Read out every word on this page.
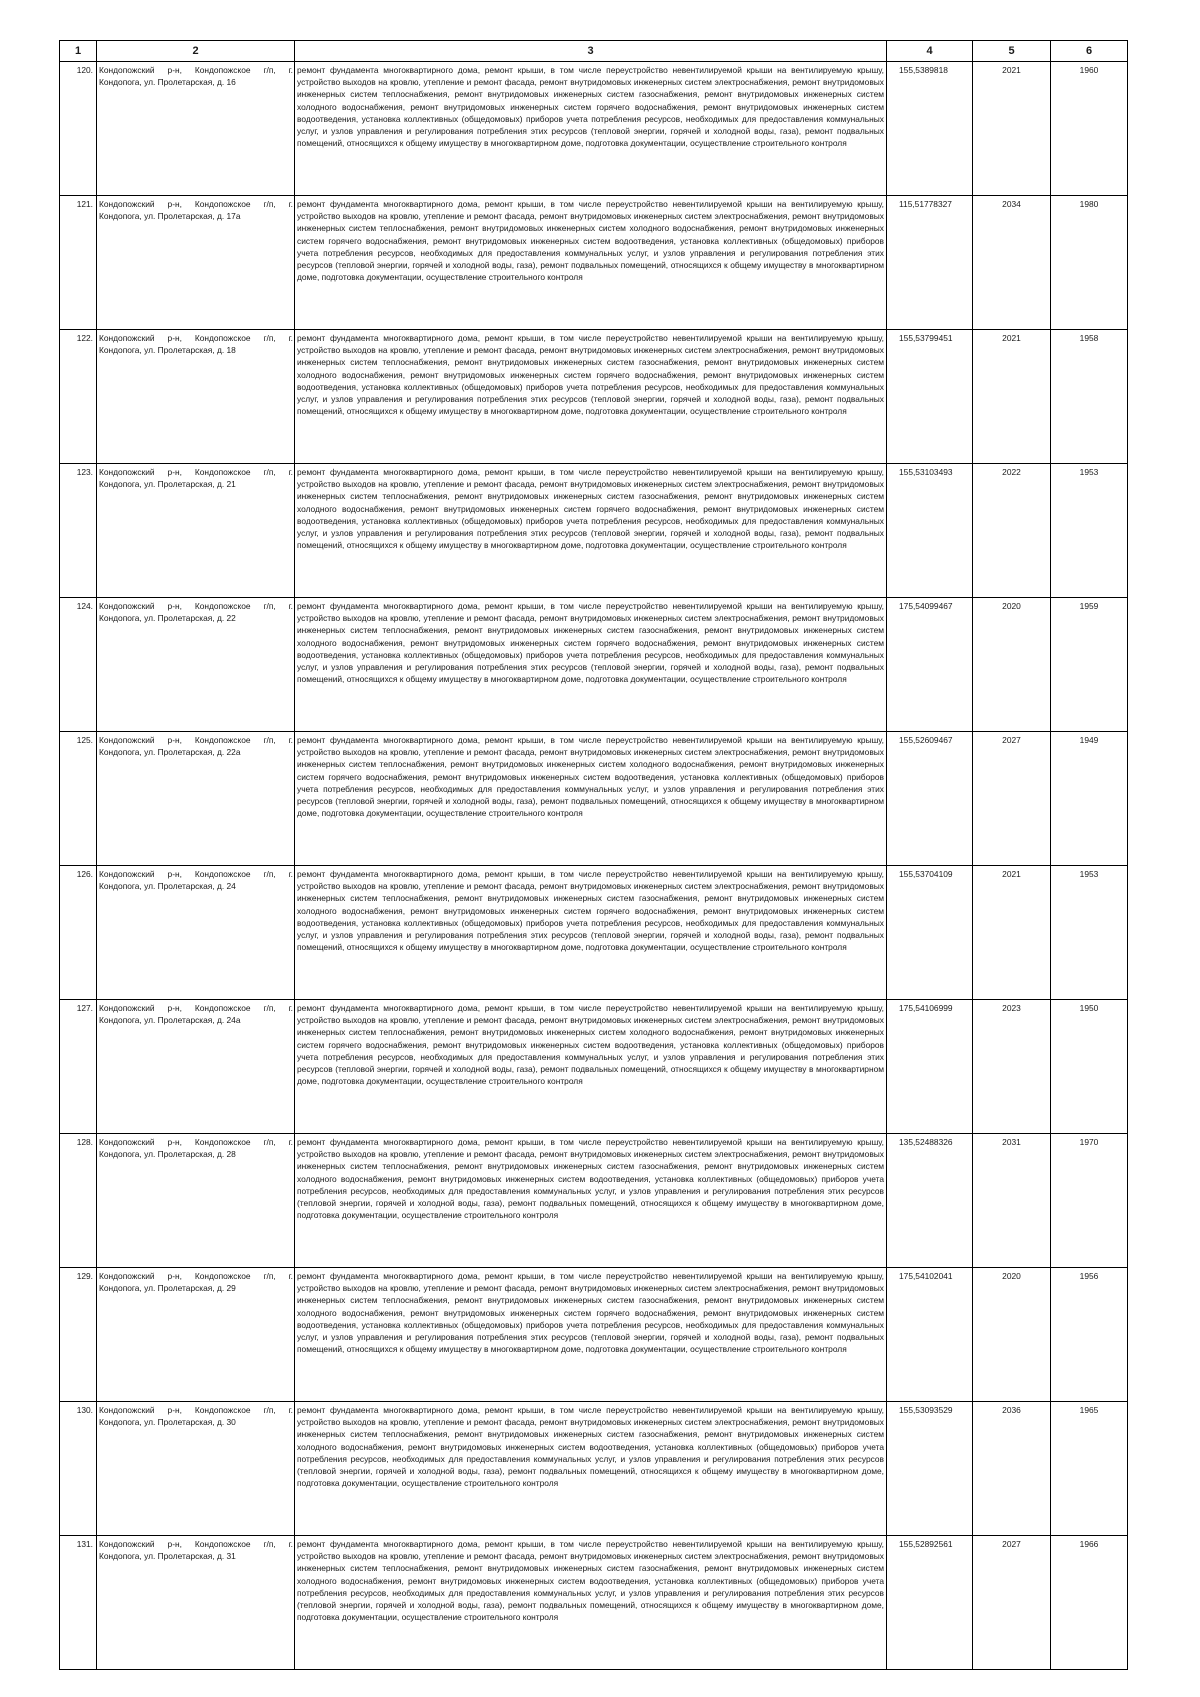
1	2	3	4	5	6
120.	Кондопожский р-н, Кондопожское г/п, г. Кондопога, ул. Пролетарская, д. 16	ремонт фундамента многоквартирного дома, ремонт крыши, в том числе переустройство невентилируемой крыши на вентилируемую крышу, устройство выходов на кровлю, утепление и ремонт фасада, ремонт внутридомовых инженерных систем электроснабжения, ремонт внутридомовых инженерных систем теплоснабжения, ремонт внутридомовых инженерных систем газоснабжения, ремонт внутридомовых инженерных систем холодного водоснабжения, ремонт внутридомовых инженерных систем горячего водоснабжения, ремонт внутридомовых инженерных систем водоотведения, установка коллективных (общедомовых) приборов учета потребления ресурсов, необходимых для предоставления коммунальных услуг, и узлов управления и регулирования потребления этих ресурсов (тепловой энергии, горячей и холодной воды, газа), ремонт подвальных помещений, относящихся к общему имуществу в многоквартирном доме, подготовка документации, осуществление строительного контроля	155,5389818	2021	1960
121.	Кондопожский р-н, Кондопожское г/п, г. Кондопога, ул. Пролетарская, д. 17а	ремонт фундамента многоквартирного дома, ремонт крыши, в том числе переустройство невентилируемой крыши на вентилируемую крышу, устройство выходов на кровлю, утепление и ремонт фасада, ремонт внутридомовых инженерных систем электроснабжения, ремонт внутридомовых инженерных систем теплоснабжения, ремонт внутридомовых инженерных систем холодного водоснабжения, ремонт внутридомовых инженерных систем горячего водоснабжения, ремонт внутридомовых инженерных систем водоотведения, установка коллективных (общедомовых) приборов учета потребления ресурсов, необходимых для предоставления коммунальных услуг, и узлов управления и регулирования потребления этих ресурсов (тепловой энергии, горячей и холодной воды, газа), ремонт подвальных помещений, относящихся к общему имуществу в многоквартирном доме, подготовка документации, осуществление строительного контроля	115,51778327	2034	1980
122.	Кондопожский р-н, Кондопожское г/п, г. Кондопога, ул. Пролетарская, д. 18	ремонт фундамента многоквартирного дома, ремонт крыши, в том числе переустройство невентилируемой крыши на вентилируемую крышу, устройство выходов на кровлю, утепление и ремонт фасада, ремонт внутридомовых инженерных систем электроснабжения, ремонт внутридомовых инженерных систем теплоснабжения, ремонт внутридомовых инженерных систем газоснабжения, ремонт внутридомовых инженерных систем холодного водоснабжения, ремонт внутридомовых инженерных систем горячего водоснабжения, ремонт внутридомовых инженерных систем водоотведения, установка коллективных (общедомовых) приборов учета потребления ресурсов, необходимых для предоставления коммунальных услуг, и узлов управления и регулирования потребления этих ресурсов (тепловой энергии, горячей и холодной воды, газа), ремонт подвальных помещений, относящихся к общему имуществу в многоквартирном доме, подготовка документации, осуществление строительного контроля	155,53799451	2021	1958
123.	Кондопожский р-н, Кондопожское г/п, г. Кондопога, ул. Пролетарская, д. 21	ремонт фундамента многоквартирного дома, ремонт крыши, в том числе переустройство невентилируемой крыши на вентилируемую крышу, устройство выходов на кровлю, утепление и ремонт фасада, ремонт внутридомовых инженерных систем электроснабжения, ремонт внутридомовых инженерных систем теплоснабжения, ремонт внутридомовых инженерных систем газоснабжения, ремонт внутридомовых инженерных систем холодного водоснабжения, ремонт внутридомовых инженерных систем горячего водоснабжения, ремонт внутридомовых инженерных систем водоотведения, установка коллективных (общедомовых) приборов учета потребления ресурсов, необходимых для предоставления коммунальных услуг, и узлов управления и регулирования потребления этих ресурсов (тепловой энергии, горячей и холодной воды, газа), ремонт подвальных помещений, относящихся к общему имуществу в многоквартирном доме, подготовка документации, осуществление строительного контроля	155,53103493	2022	1953
124.	Кондопожский р-н, Кондопожское г/п, г. Кондопога, ул. Пролетарская, д. 22	ремонт фундамента многоквартирного дома, ремонт крыши, в том числе переустройство невентилируемой крыши на вентилируемую крышу, устройство выходов на кровлю, утепление и ремонт фасада, ремонт внутридомовых инженерных систем электроснабжения, ремонт внутридомовых инженерных систем теплоснабжения, ремонт внутридомовых инженерных систем газоснабжения, ремонт внутридомовых инженерных систем холодного водоснабжения, ремонт внутридомовых инженерных систем горячего водоснабжения, ремонт внутридомовых инженерных систем водоотведения, установка коллективных (общедомовых) приборов учета потребления ресурсов, необходимых для предоставления коммунальных услуг, и узлов управления и регулирования потребления этих ресурсов (тепловой энергии, горячей и холодной воды, газа), ремонт подвальных помещений, относящихся к общему имуществу в многоквартирном доме, подготовка документации, осуществление строительного контроля	175,54099467	2020	1959
125.	Кондопожский р-н, Кондопожское г/п, г. Кондопога, ул. Пролетарская, д. 22а	ремонт фундамента многоквартирного дома, ремонт крыши, в том числе переустройство невентилируемой крыши на вентилируемую крышу, устройство выходов на кровлю, утепление и ремонт фасада, ремонт внутридомовых инженерных систем электроснабжения, ремонт внутридомовых инженерных систем теплоснабжения, ремонт внутридомовых инженерных систем холодного водоснабжения, ремонт внутридомовых инженерных систем горячего водоснабжения, ремонт внутридомовых инженерных систем водоотведения, установка коллективных (общедомовых) приборов учета потребления ресурсов, необходимых для предоставления коммунальных услуг, и узлов управления и регулирования потребления этих ресурсов (тепловой энергии, горячей и холодной воды, газа), ремонт подвальных помещений, относящихся к общему имуществу в многоквартирном доме, подготовка документации, осуществление строительного контроля	155,52609467	2027	1949
126.	Кондопожский р-н, Кондопожское г/п, г. Кондопога, ул. Пролетарская, д. 24	ремонт фундамента многоквартирного дома, ремонт крыши, в том числе переустройство невентилируемой крыши на вентилируемую крышу, устройство выходов на кровлю, утепление и ремонт фасада, ремонт внутридомовых инженерных систем электроснабжения, ремонт внутридомовых инженерных систем теплоснабжения, ремонт внутридомовых инженерных систем газоснабжения, ремонт внутридомовых инженерных систем холодного водоснабжения, ремонт внутридомовых инженерных систем горячего водоснабжения, ремонт внутридомовых инженерных систем водоотведения, установка коллективных (общедомовых) приборов учета потребления ресурсов, необходимых для предоставления коммунальных услуг, и узлов управления и регулирования потребления этих ресурсов (тепловой энергии, горячей и холодной воды, газа), ремонт подвальных помещений, относящихся к общему имуществу в многоквартирном доме, подготовка документации, осуществление строительного контроля	155,53704109	2021	1953
127.	Кондопожский р-н, Кондопожское г/п, г. Кондопога, ул. Пролетарская, д. 24а	ремонт фундамента многоквартирного дома, ремонт крыши, в том числе переустройство невентилируемой крыши на вентилируемую крышу, устройство выходов на кровлю, утепление и ремонт фасада, ремонт внутридомовых инженерных систем электроснабжения, ремонт внутридомовых инженерных систем теплоснабжения, ремонт внутридомовых инженерных систем холодного водоснабжения, ремонт внутридомовых инженерных систем горячего водоснабжения, ремонт внутридомовых инженерных систем водоотведения, установка коллективных (общедомовых) приборов учета потребления ресурсов, необходимых для предоставления коммунальных услуг, и узлов управления и регулирования потребления этих ресурсов (тепловой энергии, горячей и холодной воды, газа), ремонт подвальных помещений, относящихся к общему имуществу в многоквартирном доме, подготовка документации, осуществление строительного контроля	175,54106999	2023	1950
128.	Кондопожский р-н, Кондопожское г/п, г. Кондопога, ул. Пролетарская, д. 28	ремонт фундамента многоквартирного дома, ремонт крыши, в том числе переустройство невентилируемой крыши на вентилируемую крышу, устройство выходов на кровлю, утепление и ремонт фасада, ремонт внутридомовых инженерных систем электроснабжения, ремонт внутридомовых инженерных систем теплоснабжения, ремонт внутридомовых инженерных систем газоснабжения, ремонт внутридомовых инженерных систем холодного водоснабжения, ремонт внутридомовых инженерных систем водоотведения, установка коллективных (общедомовых) приборов учета потребления ресурсов, необходимых для предоставления коммунальных услуг, и узлов управления и регулирования потребления этих ресурсов (тепловой энергии, горячей и холодной воды, газа), ремонт подвальных помещений, относящихся к общему имуществу в многоквартирном доме, подготовка документации, осуществление строительного контроля	135,52488326	2031	1970
129.	Кондопожский р-н, Кондопожское г/п, г. Кондопога, ул. Пролетарская, д. 29	ремонт фундамента многоквартирного дома, ремонт крыши, в том числе переустройство невентилируемой крыши на вентилируемую крышу, устройство выходов на кровлю, утепление и ремонт фасада, ремонт внутридомовых инженерных систем электроснабжения, ремонт внутридомовых инженерных систем теплоснабжения, ремонт внутридомовых инженерных систем газоснабжения, ремонт внутридомовых инженерных систем холодного водоснабжения, ремонт внутридомовых инженерных систем горячего водоснабжения, ремонт внутридомовых инженерных систем водоотведения, установка коллективных (общедомовых) приборов учета потребления ресурсов, необходимых для предоставления коммунальных услуг, и узлов управления и регулирования потребления этих ресурсов (тепловой энергии, горячей и холодной воды, газа), ремонт подвальных помещений, относящихся к общему имуществу в многоквартирном доме, подготовка документации, осуществление строительного контроля	175,54102041	2020	1956
130.	Кондопожский р-н, Кондопожское г/п, г. Кондопога, ул. Пролетарская, д. 30	ремонт фундамента многоквартирного дома, ремонт крыши, в том числе переустройство невентилируемой крыши на вентилируемую крышу, устройство выходов на кровлю, утепление и ремонт фасада, ремонт внутридомовых инженерных систем электроснабжения, ремонт внутридомовых инженерных систем теплоснабжения, ремонт внутридомовых инженерных систем газоснабжения, ремонт внутридомовых инженерных систем холодного водоснабжения, ремонт внутридомовых инженерных систем водоотведения, установка коллективных (общедомовых) приборов учета потребления ресурсов, необходимых для предоставления коммунальных услуг, и узлов управления и регулирования потребления этих ресурсов (тепловой энергии, горячей и холодной воды, газа), ремонт подвальных помещений, относящихся к общему имуществу в многоквартирном доме, подготовка документации, осуществление строительного контроля	155,53093529	2036	1965
131.	Кондопожский р-н, Кондопожское г/п, г. Кондопога, ул. Пролетарская, д. 31	ремонт фундамента многоквартирного дома, ремонт крыши, в том числе переустройство невентилируемой крыши на вентилируемую крышу, устройство выходов на кровлю, утепление и ремонт фасада, ремонт внутридомовых инженерных систем электроснабжения, ремонт внутридомовых инженерных систем теплоснабжения, ремонт внутридомовых инженерных систем газоснабжения, ремонт внутридомовых инженерных систем холодного водоснабжения, ремонт внутридомовых инженерных систем водоотведения, установка коллективных (общедомовых) приборов учета потребления ресурсов, необходимых для предоставления коммунальных услуг, и узлов управления и регулирования потребления этих ресурсов (тепловой энергии, горячей и холодной воды, газа), ремонт подвальных помещений, относящихся к общему имуществу в многоквартирном доме, подготовка документации, осуществление строительного контроля	155,52892561	2027	1966
